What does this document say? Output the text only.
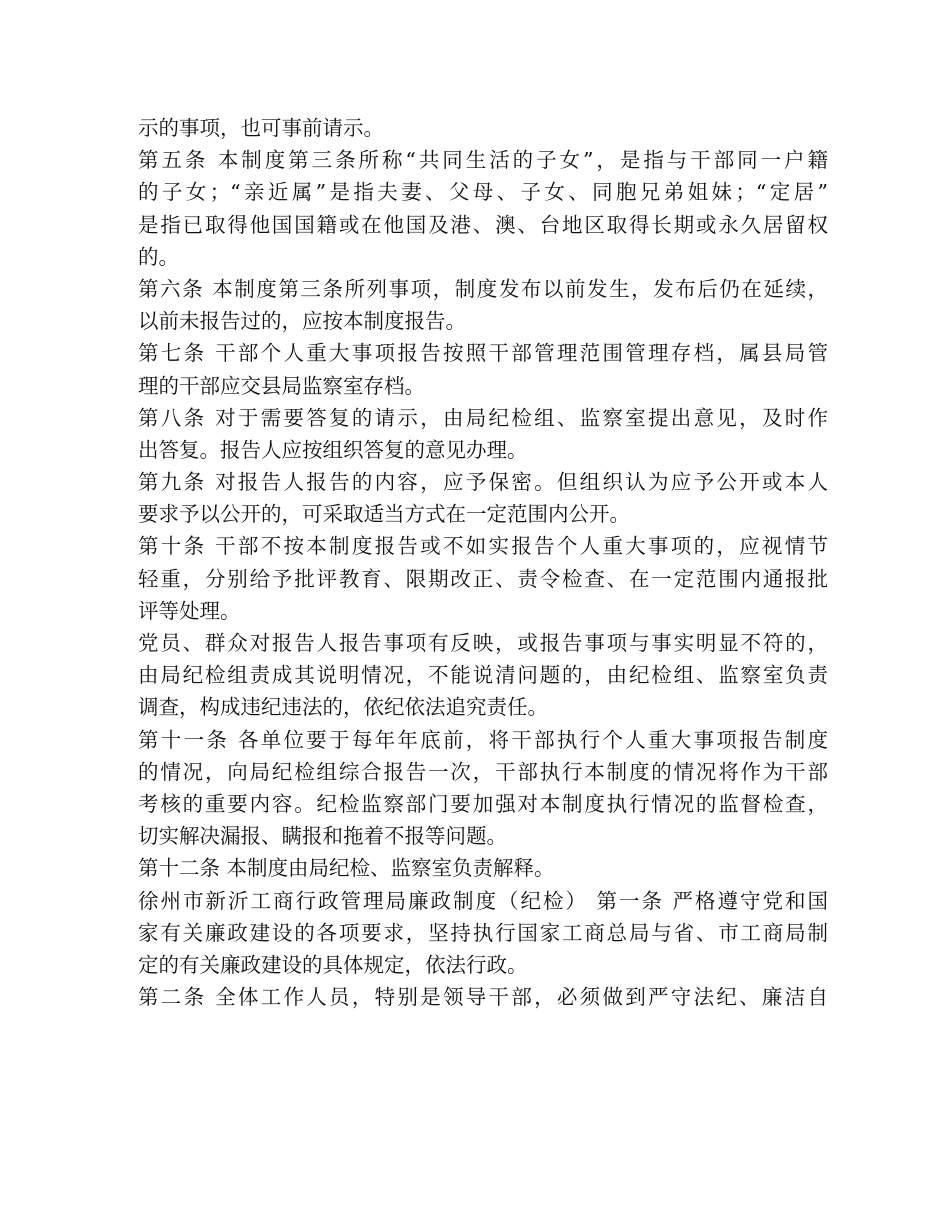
示的事项，也可事前请示。
第五条 本制度第三条所称“共同生活的子女”，是指与干部同一户籍
的子女；“亲近属”是指夫妻、父母、子女、同胞兄弟姐妹；“定居”
是指已取得他国国籍或在他国及港、澳、台地区取得长期或永久居留权
的。
第六条 本制度第三条所列事项，制度发布以前发生，发布后仍在延续，
以前未报告过的，应按本制度报告。
第七条 干部个人重大事项报告按照干部管理范围管理存档，属县局管
理的干部应交县局监察室存档。
第八条 对于需要答复的请示，由局纪检组、监察室提出意见，及时作
出答复。报告人应按组织答复的意见办理。
第九条 对报告人报告的内容，应予保密。但组织认为应予公开或本人
要求予以公开的，可采取适当方式在一定范围内公开。
第十条 干部不按本制度报告或不如实报告个人重大事项的，应视情节
轻重，分别给予批评教育、限期改正、责令检查、在一定范围内通报批
评等处理。
党员、群众对报告人报告事项有反映，或报告事项与事实明显不符的，
由局纪检组责成其说明情况，不能说清问题的，由纪检组、监察室负责
调查，构成违纪违法的，依纪依法追究责任。
第十一条 各单位要于每年年底前，将干部执行个人重大事项报告制度
的情况，向局纪检组综合报告一次，干部执行本制度的情况将作为干部
考核的重要内容。纪检监察部门要加强对本制度执行情况的监督检查，
切实解决漏报、瞒报和拖着不报等问题。
第十二条 本制度由局纪检、监察室负责解释。
徐州市新沂工商行政管理局廉政制度（纪检） 第一条 严格遵守党和国
家有关廉政建设的各项要求，坚持执行国家工商总局与省、市工商局制
定的有关廉政建设的具体规定，依法行政。
第二条 全体工作人员，特别是领导干部，必须做到严守法纪、廉洁自
